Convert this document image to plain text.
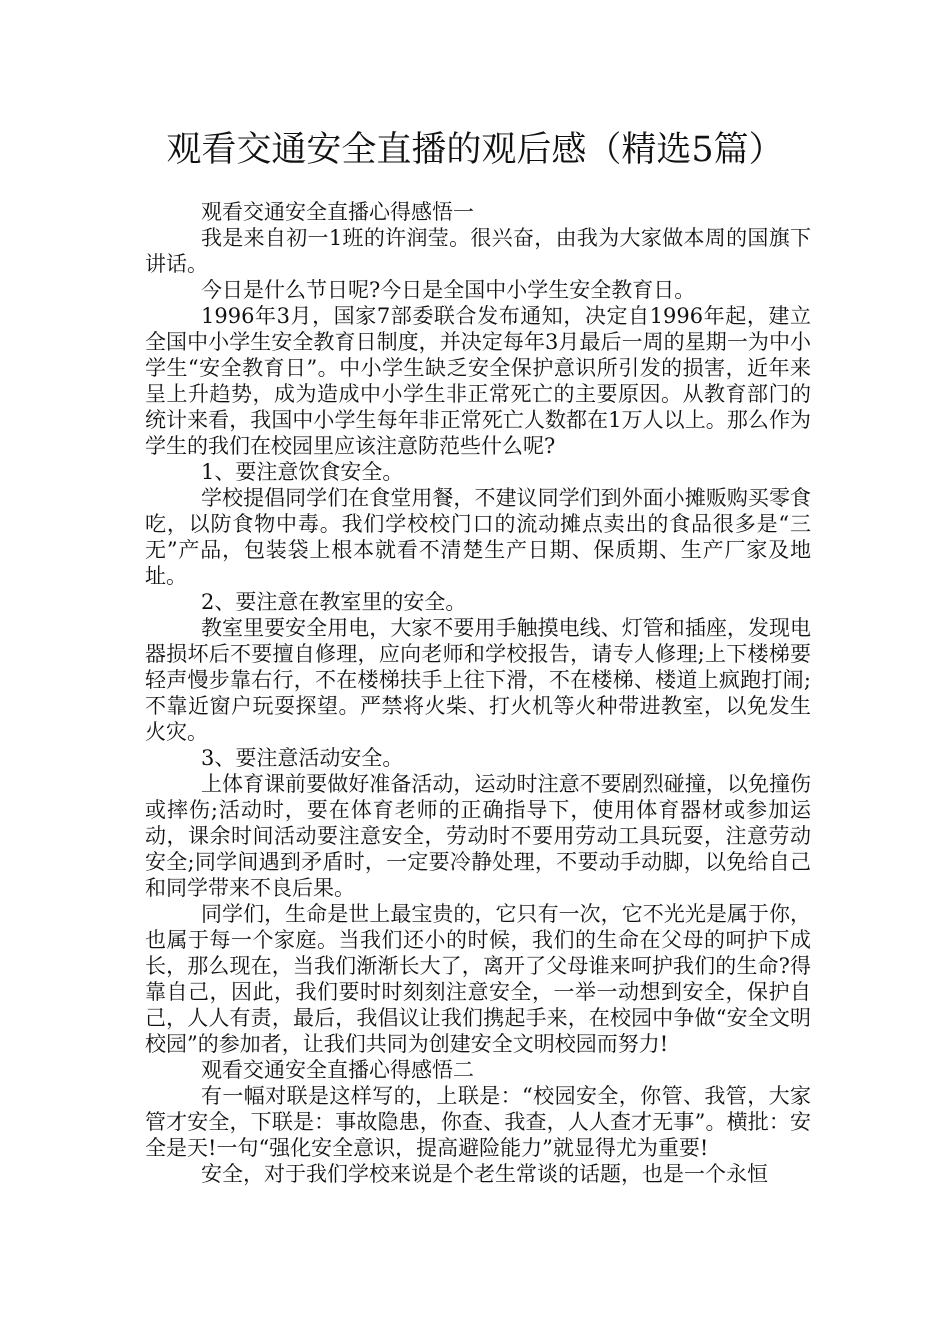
观看交通安全直播的观后感（精选5篇）

观看交通安全直播心得感悟一

我是来自初一1班的许润莹。很兴奋，由我为大家做本周的国旗下讲话。

今日是什么节日呢?今日是全国中小学生安全教育日。

1996年3月，国家7部委联合发布通知，决定自1996年起，建立全国中小学生安全教育日制度，并决定每年3月最后一周的星期一为中小学生“安全教育日”。中小学生缺乏安全保护意识所引发的损害，近年来呈上升趋势，成为造成中小学生非正常死亡的主要原因。从教育部门的统计来看，我国中小学生每年非正常死亡人数都在1万人以上。那么作为学生的我们在校园里应该注意防范些什么呢?

1、要注意饮食安全。

学校提倡同学们在食堂用餐，不建议同学们到外面小摊贩购买零食吃，以防食物中毒。我们学校校门口的流动摊点卖出的食品很多是“三无”产品，包装袋上根本就看不清楚生产日期、保质期、生产厂家及地址。

2、要注意在教室里的安全。

教室里要安全用电，大家不要用手触摸电线、灯管和插座，发现电器损坏后不要擅自修理，应向老师和学校报告，请专人修理;上下楼梯要轻声慢步靠右行，不在楼梯扶手上往下滑，不在楼梯、楼道上疯跑打闹;不靠近窗户玩耍探望。严禁将火柴、打火机等火种带进教室，以免发生火灾。

3、要注意活动安全。

上体育课前要做好准备活动，运动时注意不要剧烈碰撞，以免撞伤或摔伤;活动时，要在体育老师的正确指导下，使用体育器材或参加运动，课余时间活动要注意安全，劳动时不要用劳动工具玩耍，注意劳动安全;同学间遇到矛盾时，一定要冷静处理，不要动手动脚，以免给自己和同学带来不良后果。

同学们，生命是世上最宝贵的，它只有一次，它不光光是属于你，也属于每一个家庭。当我们还小的时候，我们的生命在父母的呵护下成长，那么现在，当我们渐渐长大了，离开了父母谁来呵护我们的生命?得靠自己，因此，我们要时时刻刻注意安全，一举一动想到安全，保护自己，人人有责，最后，我倡议让我们携起手来，在校园中争做“安全文明校园”的参加者，让我们共同为创建安全文明校园而努力!

观看交通安全直播心得感悟二

有一幅对联是这样写的，上联是：“校园安全，你管、我管，大家管才安全，下联是：事故隐患，你查、我查，人人查才无事”。横批：安全是天!一句“强化安全意识，提高避险能力”就显得尤为重要!

安全，对于我们学校来说是个老生常谈的话题，也是一个永恒
